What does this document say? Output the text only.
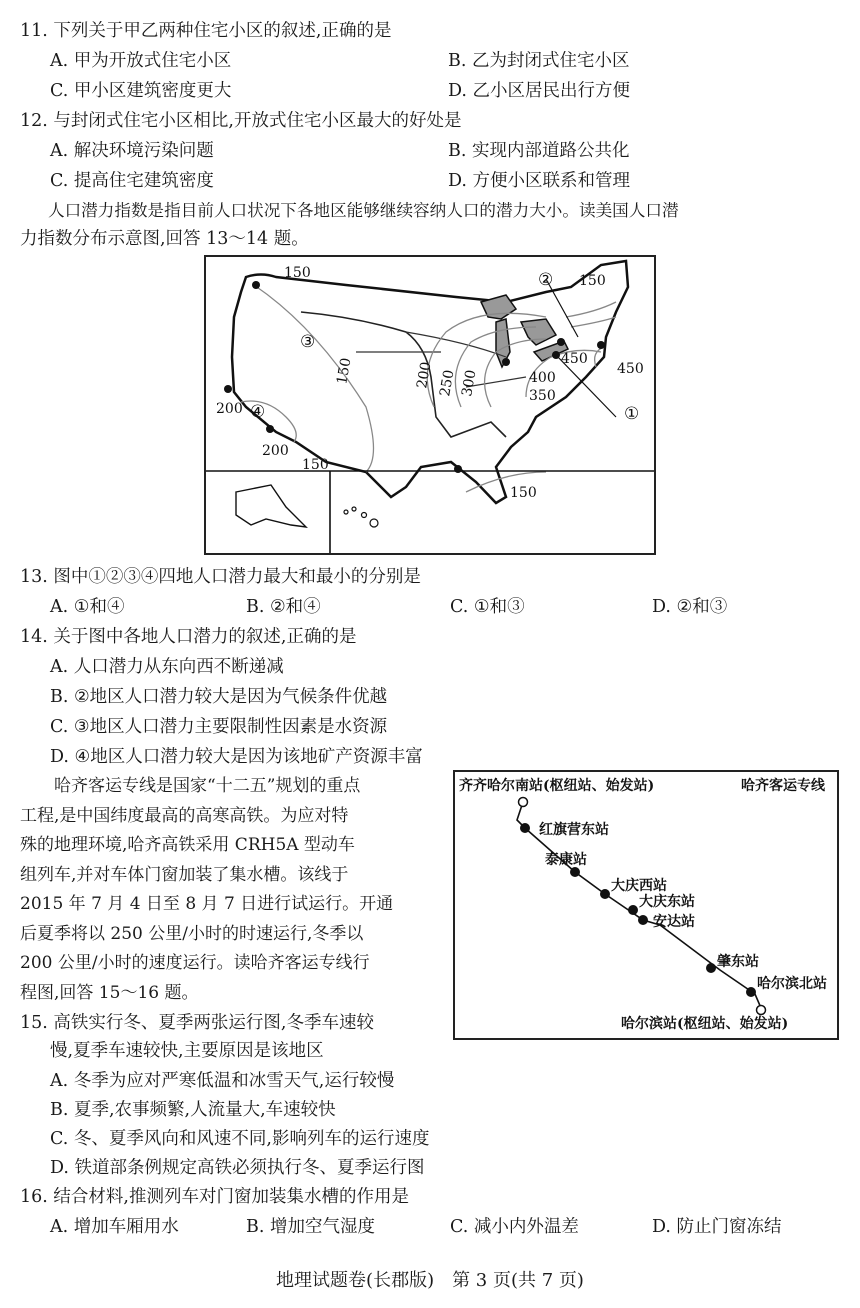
11. 下列关于甲乙两种住宅小区的叙述,正确的是
A. 甲为开放式住宅小区	B. 乙为封闭式住宅小区
C. 甲小区建筑密度更大	D. 乙小区居民出行方便
12. 与封闭式住宅小区相比,开放式住宅小区最大的好处是
A. 解决环境污染问题	B. 实现内部道路公共化
C. 提高住宅建筑密度	D. 方便小区联系和管理
人口潜力指数是指目前人口状况下各地区能够继续容纳人口的潜力大小。读美国人口潜
力指数分布示意图,回答 13～14 题。
150	150
150	200 250 300	400
450
450
350
200
200
150
150
①
②
③
④
13. 图中①②③④四地人口潜力最大和最小的分别是
A. ①和④	B. ②和④	C. ①和③	D. ②和③
14. 关于图中各地人口潜力的叙述,正确的是
A. 人口潜力从东向西不断递减
B. ②地区人口潜力较大是因为气候条件优越
C. ③地区人口潜力主要限制性因素是水资源
D. ④地区人口潜力较大是因为该地矿产资源丰富
　　哈齐客运专线是国家“十二五”规划的重点
工程,是中国纬度最高的高寒高铁。为应对特
殊的地理环境,哈齐高铁采用 CRH5A 型动车
组列车,并对车体门窗加装了集水槽。该线于
2015 年 7 月 4 日至 8 月 7 日进行试运行。开通
后夏季将以 250 公里/小时的时速运行,冬季以
200 公里/小时的速度运行。读哈齐客运专线行
程图,回答 15～16 题。
齐齐哈尔南站(枢纽站、始发站)	哈齐客运专线
哈尔滨站(枢纽站、始发站)
红旗营东站
泰康站
大庆西站
大庆东站
安达站
肇东站
哈尔滨北站
15. 高铁实行冬、夏季两张运行图,冬季车速较
慢,夏季车速较快,主要原因是该地区
A. 冬季为应对严寒低温和冰雪天气,运行较慢
B. 夏季,农事频繁,人流量大,车速较快
C. 冬、夏季风向和风速不同,影响列车的运行速度
D. 铁道部条例规定高铁必须执行冬、夏季运行图
16. 结合材料,推测列车对门窗加装集水槽的作用是
A. 增加车厢用水	B. 增加空气湿度	C. 减小内外温差	D. 防止门窗冻结
地理试题卷(长郡版)　第 3 页(共 7 页)
